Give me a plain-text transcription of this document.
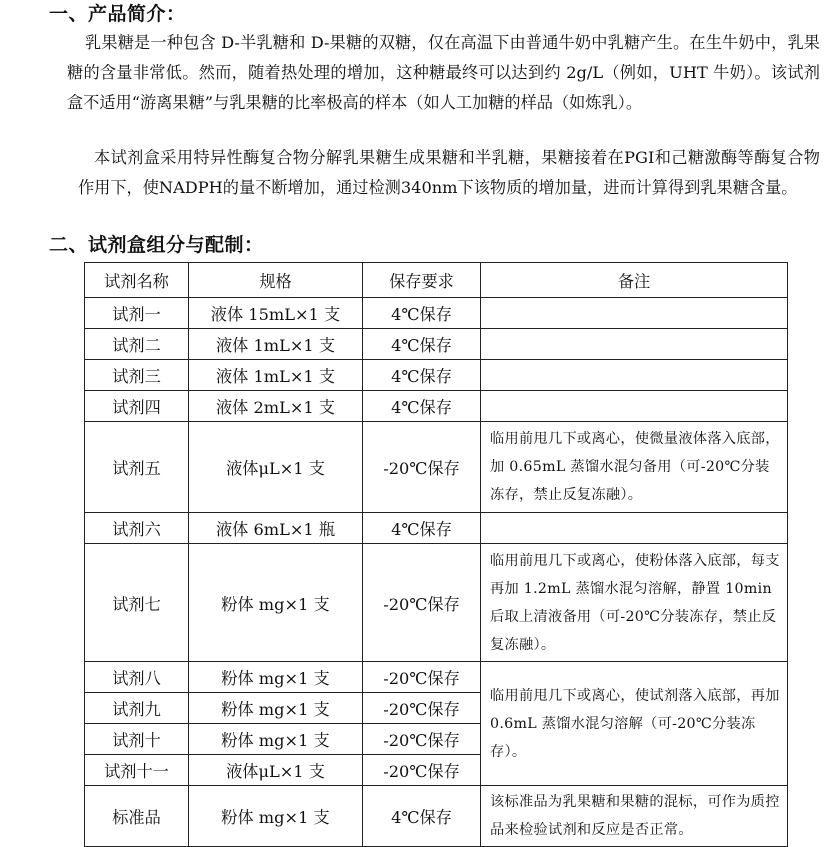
一、产品简介：
乳果糖是一种包含 D-半乳糖和 D-果糖的双糖，仅在高温下由普通牛奶中乳糖产生。在生牛奶中，乳果糖的含量非常低。然而，随着热处理的增加，这种糖最终可以达到约 2g/L（例如，UHT 牛奶）。该试剂盒不适用“游离果糖”与乳果糖的比率极高的样本（如人工加糖的样品（如炼乳）。
本试剂盒采用特异性酶复合物分解乳果糖生成果糖和半乳糖，果糖接着在PGI和己糖激酶等酶复合物作用下，使NADPH的量不断增加，通过检测340nm下该物质的增加量，进而计算得到乳果糖含量。
二、试剂盒组分与配制：
试剂名称	规格	保存要求	备注
试剂一	液体 15mL×1 支	4℃保存	
试剂二	液体 1mL×1 支	4℃保存	
试剂三	液体 1mL×1 支	4℃保存	
试剂四	液体 2mL×1 支	4℃保存	
试剂五	液体μL×1 支	-20℃保存	临用前甩几下或离心，使微量液体落入底部，加 0.65mL 蒸馏水混匀备用（可-20℃分装冻存，禁止反复冻融）。
试剂六	液体 6mL×1 瓶	4℃保存	
试剂七	粉体 mg×1 支	-20℃保存	临用前甩几下或离心，使粉体落入底部，每支再加 1.2mL 蒸馏水混匀溶解，静置 10min 后取上清液备用（可-20℃分装冻存，禁止反复冻融）。
试剂八	粉体 mg×1 支	-20℃保存	临用前甩几下或离心，使试剂落入底部，再加 0.6mL 蒸馏水混匀溶解（可-20℃分装冻存）。
试剂九	粉体 mg×1 支	-20℃保存	
试剂十	粉体 mg×1 支	-20℃保存	
试剂十一	液体μL×1 支	-20℃保存	
标准品	粉体 mg×1 支	4℃保存	该标准品为乳果糖和果糖的混标，可作为质控品来检验试剂和反应是否正常。
